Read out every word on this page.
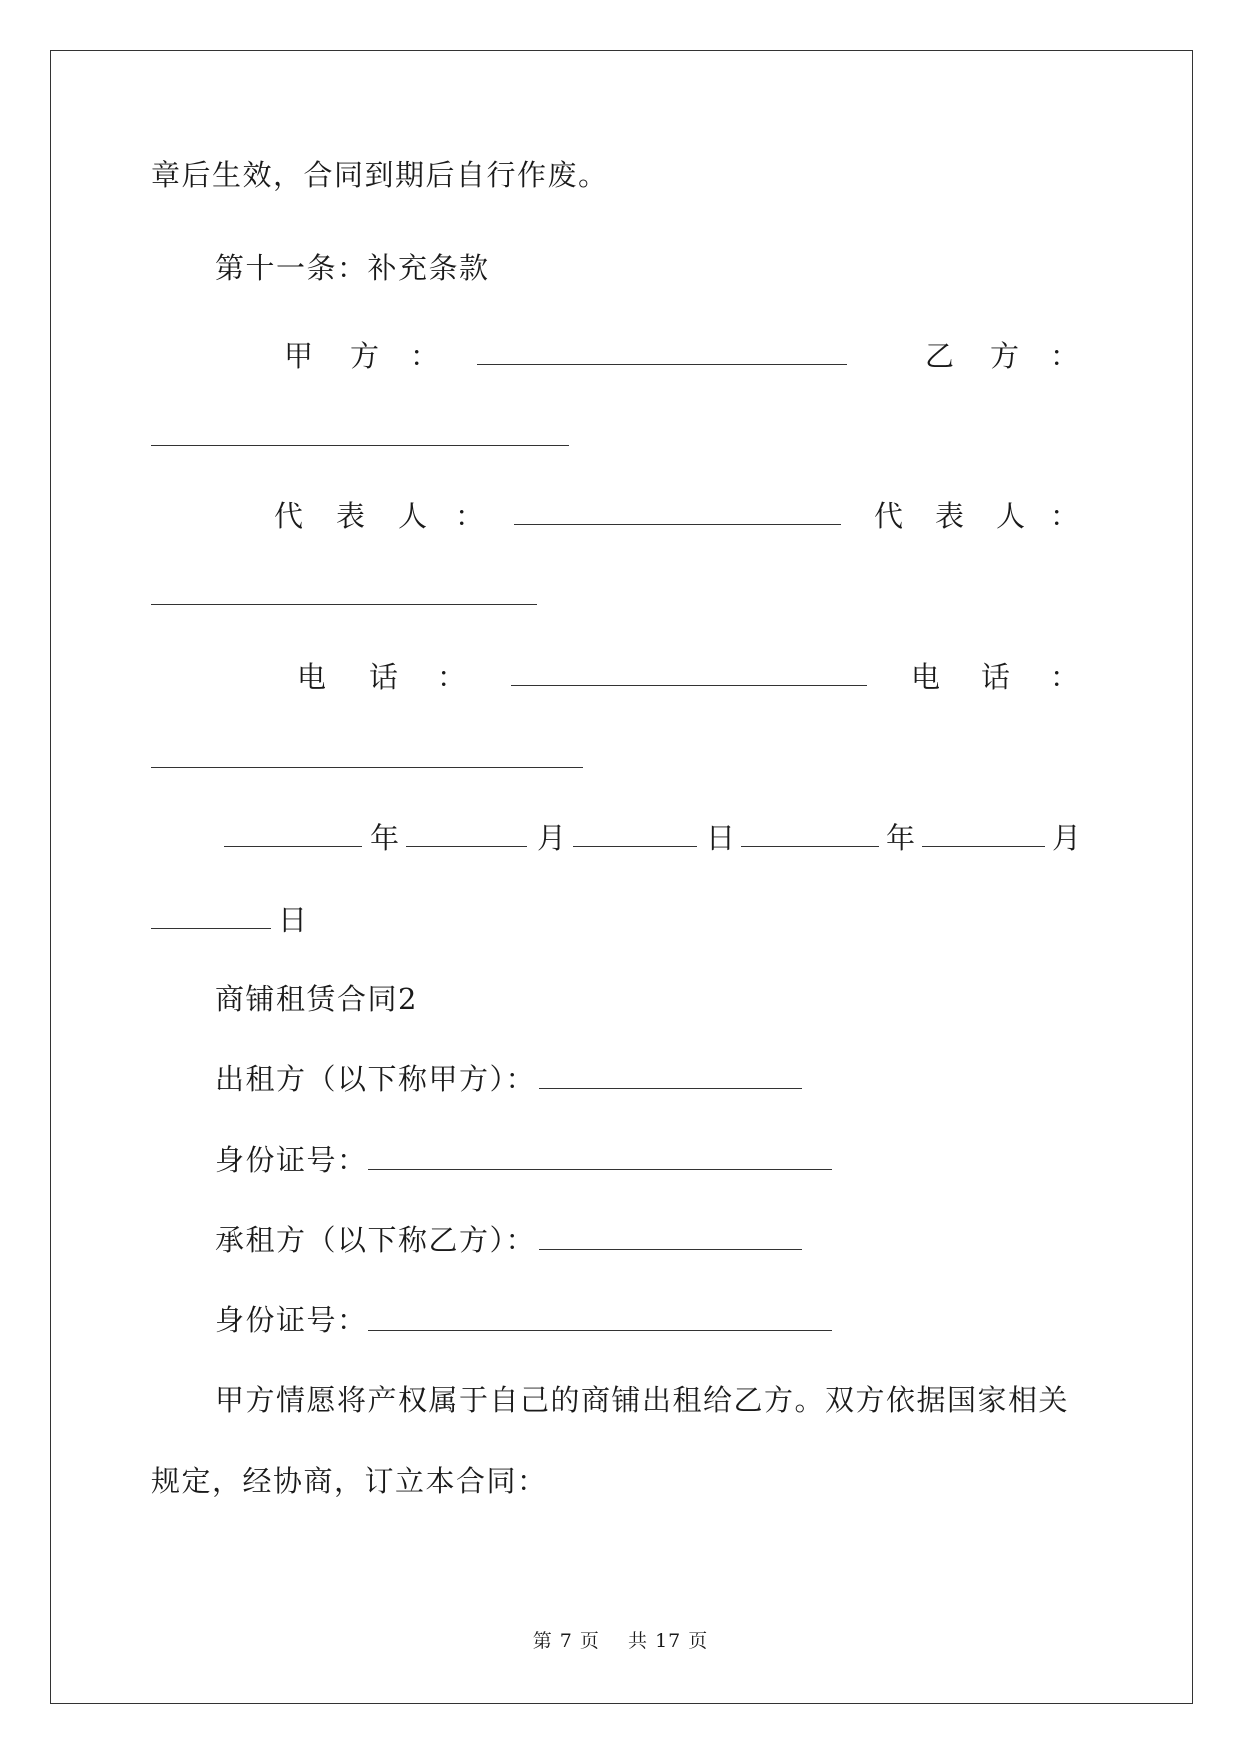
章后生效，合同到期后自行作废。
第十一条：补充条款
甲 方 ：	乙 方 ：
代 表 人 ：	代 表 人 ：
电 话 ：	电 话 ：
年	月	日	年	月
日
商铺租赁合同2
出租方（以下称甲方）：
身份证号：
承租方（以下称乙方）：
身份证号：
甲方情愿将产权属于自己的商铺出租给乙方。双方依据国家相关
规定，经协商，订立本合同：
第 7 页    共 17 页
